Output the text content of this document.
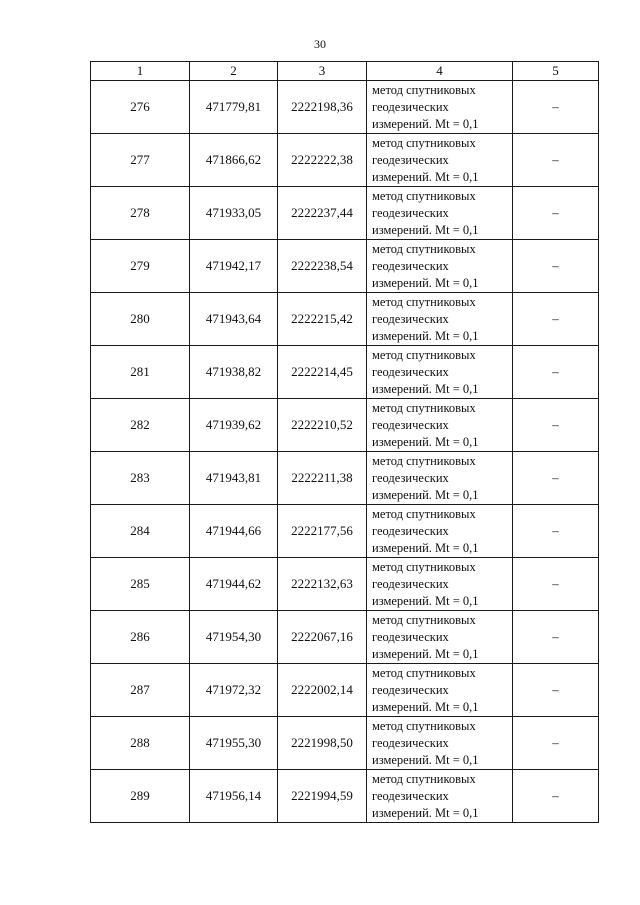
30
1	2	3	4	5
276	471779,81	2222198,36	метод спутниковых
геодезических
измерений. Mt = 0,1	–
277	471866,62	2222222,38	метод спутниковых
геодезических
измерений. Mt = 0,1	–
278	471933,05	2222237,44	метод спутниковых
геодезических
измерений. Mt = 0,1	–
279	471942,17	2222238,54	метод спутниковых
геодезических
измерений. Mt = 0,1	–
280	471943,64	2222215,42	метод спутниковых
геодезических
измерений. Mt = 0,1	–
281	471938,82	2222214,45	метод спутниковых
геодезических
измерений. Mt = 0,1	–
282	471939,62	2222210,52	метод спутниковых
геодезических
измерений. Mt = 0,1	–
283	471943,81	2222211,38	метод спутниковых
геодезических
измерений. Mt = 0,1	–
284	471944,66	2222177,56	метод спутниковых
геодезических
измерений. Mt = 0,1	–
285	471944,62	2222132,63	метод спутниковых
геодезических
измерений. Mt = 0,1	–
286	471954,30	2222067,16	метод спутниковых
геодезических
измерений. Mt = 0,1	–
287	471972,32	2222002,14	метод спутниковых
геодезических
измерений. Mt = 0,1	–
288	471955,30	2221998,50	метод спутниковых
геодезических
измерений. Mt = 0,1	–
289	471956,14	2221994,59	метод спутниковых
геодезических
измерений. Mt = 0,1	–
